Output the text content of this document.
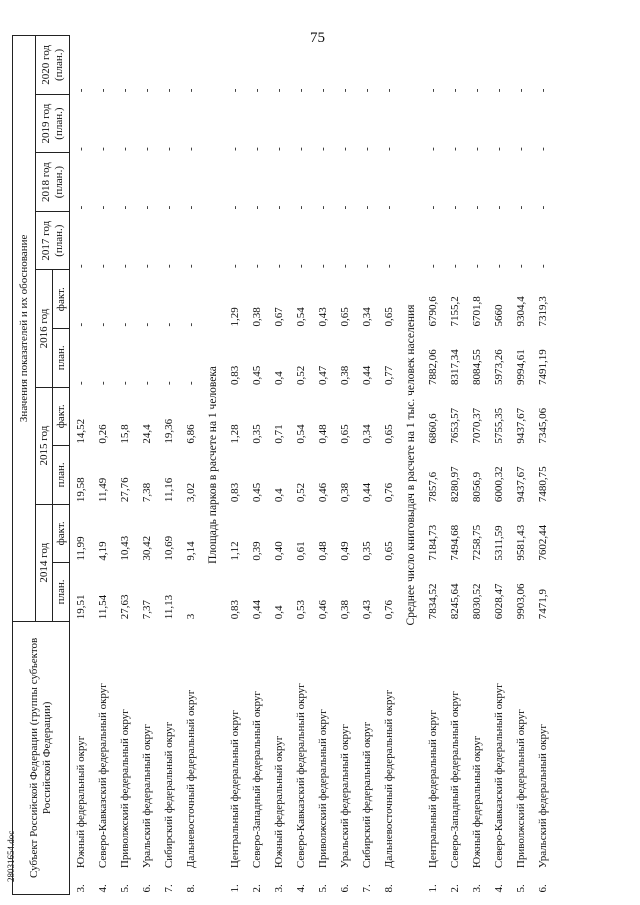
75
28031654.doc Субъект Российской Федерации (группы субъектов Российской Федерации)		Значения показателей и их обоснование									
		2014 год		2015 год		2016 год		2017 год (план.)	2018 год (план.)	2019 год (план.)	2020 год (план.)
		план.	факт.	план.	факт.	план.	факт.				
3.	Южный федеральный округ	19,51	11,99	19,58	14,52	-	-	-	-	-	-
4.	Северо-Кавказский федеральный округ	11,54	4,19	11,49	0,26	-	-	-	-	-	-
5.	Приволжский федеральный округ	27,63	10,43	27,76	15,8	-	-	-	-	-	-
6.	Уральский федеральный округ	7,37	30,42	7,38	24,4	-	-	-	-	-	-
7.	Сибирский федеральный округ	11,13	10,69	11,16	19,36	-	-	-	-	-	-
8.	Дальневосточный федеральный округ	3	9,14	3,02	6,86	-	-	-	-	-	-
Площадь парков в расчете на 1 человека											
1.	Центральный федеральный округ	0,83	1,12	0,83	1,28	0,83	1,29	-	-	-	-
2.	Северо-Западный федеральный округ	0,44	0,39	0,45	0,35	0,45	0,38	-	-	-	-
3.	Южный федеральный округ	0,4	0,40	0,4	0,71	0,4	0,67	-	-	-	-
4.	Северо-Кавказский федеральный округ	0,53	0,61	0,52	0,54	0,52	0,54	-	-	-	-
5.	Приволжский федеральный округ	0,46	0,48	0,46	0,48	0,47	0,43	-	-	-	-
6.	Уральский федеральный округ	0,38	0,49	0,38	0,65	0,38	0,65	-	-	-	-
7.	Сибирский федеральный округ	0,43	0,35	0,44	0,34	0,44	0,34	-	-	-	-
8.	Дальневосточный федеральный округ	0,76	0,65	0,76	0,65	0,77	0,65	-	-	-	-
Среднее число книговыдач в расчете на 1 тыс. человек населения											
1.	Центральный федеральный округ	7834,52	7184,73	7857,6	6860,6	7882,06	6790,6	-	-	-	-
2.	Северо-Западный федеральный округ	8245,64	7494,68	8280,97	7653,57	8317,34	7155,2	-	-	-	-
3.	Южный федеральный округ	8030,52	7258,75	8056,9	7070,37	8084,55	6701,8	-	-	-	-
4.	Северо-Кавказский федеральный округ	6028,47	5311,59	6000,32	5755,35	5973,26	5660	-	-	-	-
5.	Приволжский федеральный округ	9903,06	9581,43	9437,67	9437,67	9994,61	9304,4	-	-	-	-
6.	Уральский федеральный округ	7471,9	7602,44	7480,75	7345,06	7491,19	7319,3	-	-	-	-
